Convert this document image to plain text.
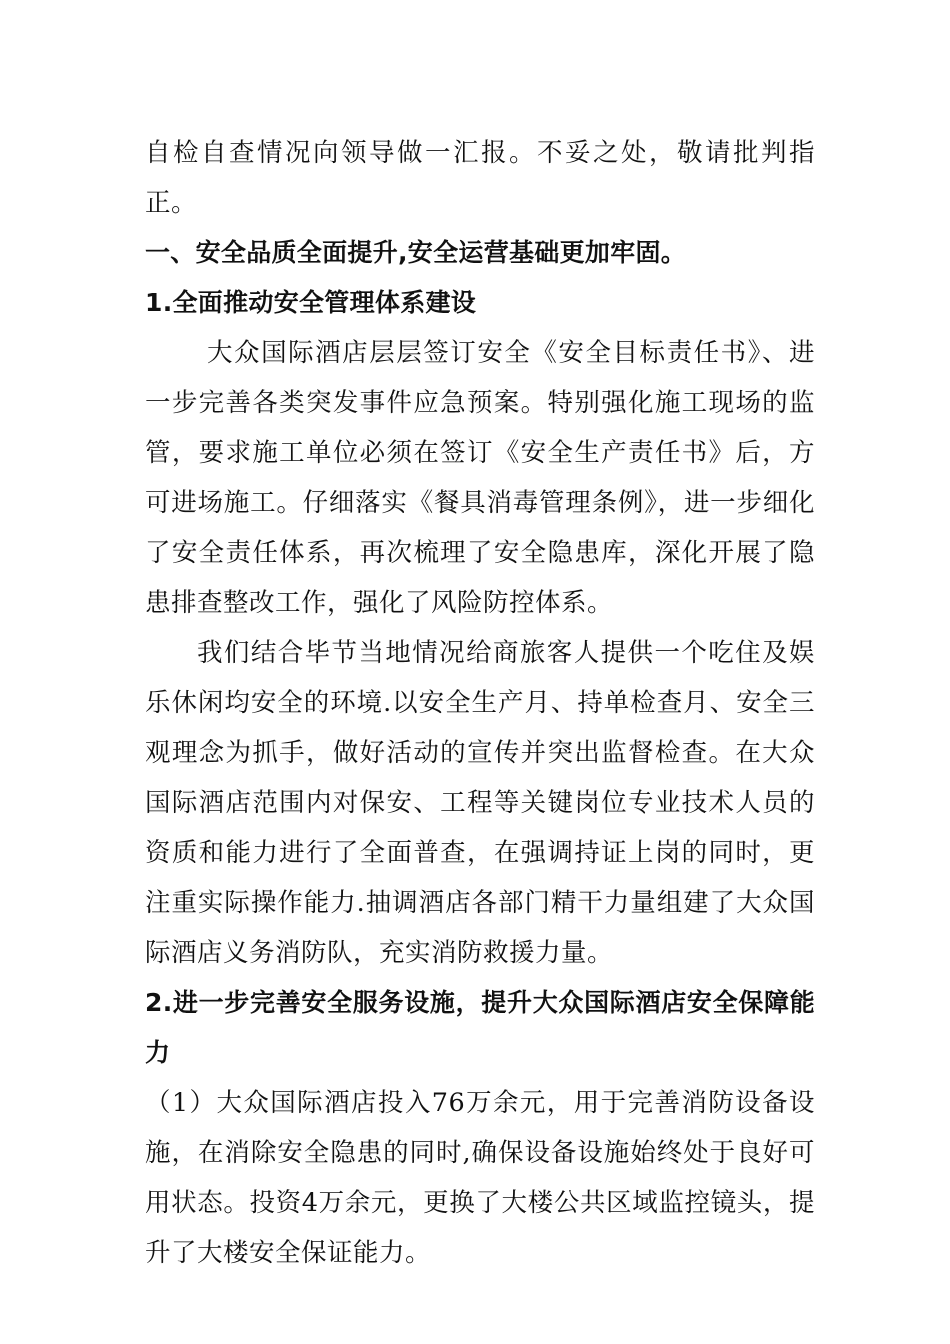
自检自查情况向领导做一汇报。不妥之处，敬请批判指正。

一、安全品质全面提升,安全运营基础更加牢固。

1.全面推动安全管理体系建设

大众国际酒店层层签订安全《安全目标责任书》、进一步完善各类突发事件应急预案。特别强化施工现场的监管，要求施工单位必须在签订《安全生产责任书》后，方可进场施工。仔细落实《餐具消毒管理条例》，进一步细化了安全责任体系，再次梳理了安全隐患库，深化开展了隐患排查整改工作，强化了风险防控体系。

我们结合毕节当地情况给商旅客人提供一个吃住及娱乐休闲均安全的环境.以安全生产月、持单检查月、安全三观理念为抓手，做好活动的宣传并突出监督检查。在大众国际酒店范围内对保安、工程等关键岗位专业技术人员的资质和能力进行了全面普查，在强调持证上岗的同时，更注重实际操作能力.抽调酒店各部门精干力量组建了大众国际酒店义务消防队，充实消防救援力量。

2.进一步完善安全服务设施，提升大众国际酒店安全保障能力

（1）大众国际酒店投入76万余元，用于完善消防设备设施，在消除安全隐患的同时,确保设备设施始终处于良好可用状态。投资4万余元，更换了大楼公共区域监控镜头，提升了大楼安全保证能力。
